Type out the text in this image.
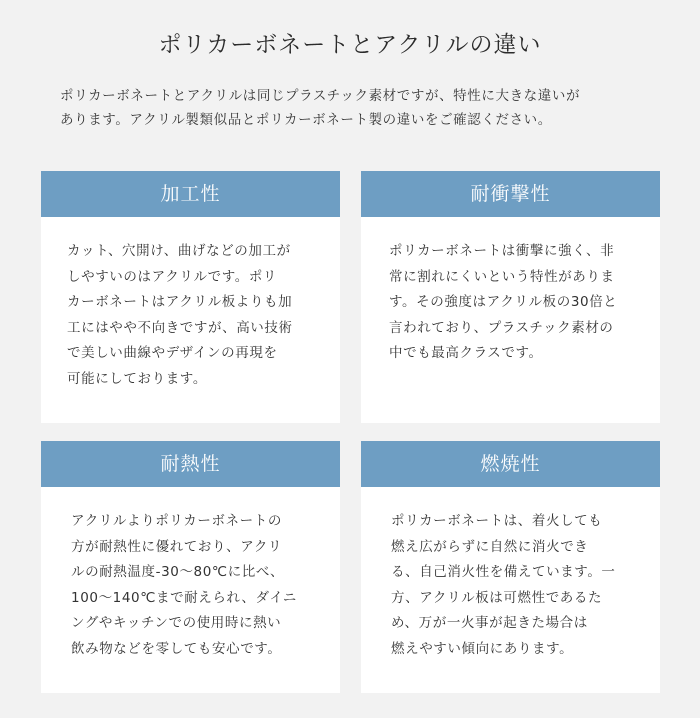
ポリカーボネートとアクリルの違い

ポリカーボネートとアクリルは同じプラスチック素材ですが、特性に大きな違いが
あります。アクリル製類似品とポリカーボネート製の違いをご確認ください。

加工性
カット、穴開け、曲げなどの加工が
しやすいのはアクリルです。ポリ
カーボネートはアクリル板よりも加
工にはやや不向きですが、高い技術
で美しい曲線やデザインの再現を
可能にしております。
耐衝撃性
ポリカーボネートは衝撃に強く、非
常に割れにくいという特性がありま
す。その強度はアクリル板の30倍と
言われており、プラスチック素材の
中でも最高クラスです。
耐熱性
アクリルよりポリカーボネートの
方が耐熱性に優れており、アクリ
ルの耐熱温度-30～80℃に比べ、
100～140℃まで耐えられ、ダイニ
ングやキッチンでの使用時に熱い
飲み物などを零しても安心です。
燃焼性
ポリカーボネートは、着火しても
燃え広がらずに自然に消火でき
る、自己消火性を備えています。一
方、アクリル板は可燃性であるた
め、万が一火事が起きた場合は
燃えやすい傾向にあります。
